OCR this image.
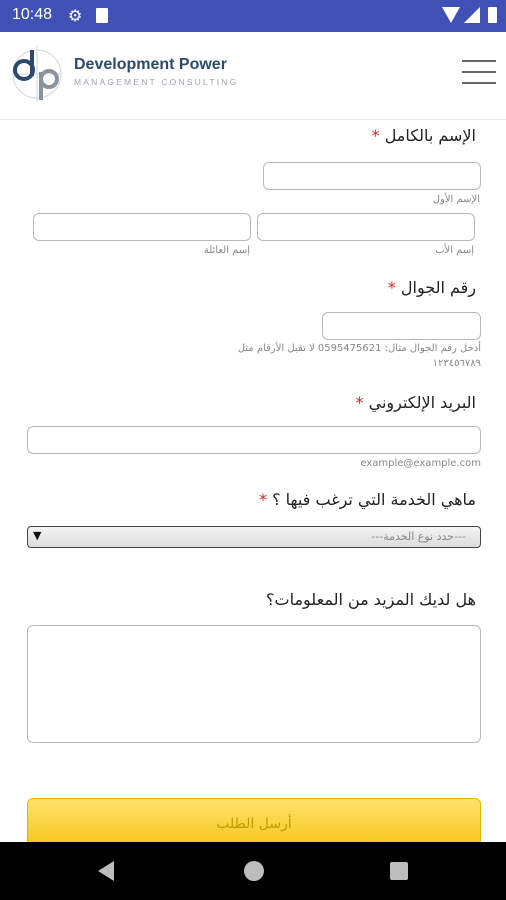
10:48 ⚙
Development Power
MANAGEMENT CONSULTING
الإسم بالكامل *
الإسم الأول
إسم الأب
إسم العائلة
رقم الجوال *
أدخل رقم الجوال مثال: 0595475621 لا تقبل الأرقام مثل
١٢٣٤٥٦٧٨٩
البريد الإلكتروني *
example@example.com
ماهي الخدمة التي ترغب فيها ؟ *
▼	---حدد نوع الخدمة---
هل لديك المزيد من المعلومات؟
أرسل الطلب
